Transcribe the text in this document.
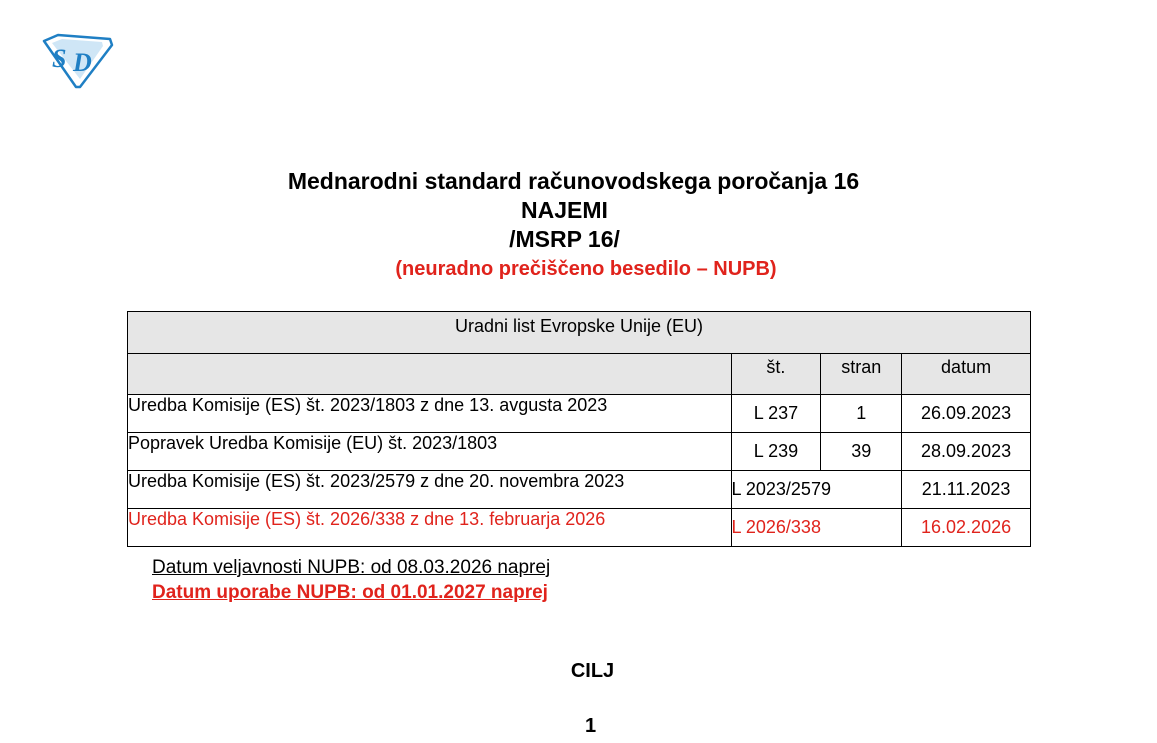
S D
Mednarodni standard računovodskega poročanja 16
NAJEMI
/MSRP 16/
(neuradno prečiščeno besedilo – NUPB)
Uradni list Evropske Unije (EU)			
	št.	stran	datum
Uredba Komisije (ES) št. 2023/1803 z dne 13. avgusta 2023	L 237	1	26.09.2023
Popravek Uredba Komisije (EU) št. 2023/1803	L 239	39	28.09.2023
Uredba Komisije (ES) št. 2023/2579 z dne 20. novembra 2023	L 2023/2579		21.11.2023
Uredba Komisije (ES) št. 2026/338 z dne 13. februarja 2026	L 2026/338		16.02.2026
Datum veljavnosti NUPB: od 08.03.2026 naprej
Datum uporabe NUPB: od 01.01.2027 naprej
CILJ
1
